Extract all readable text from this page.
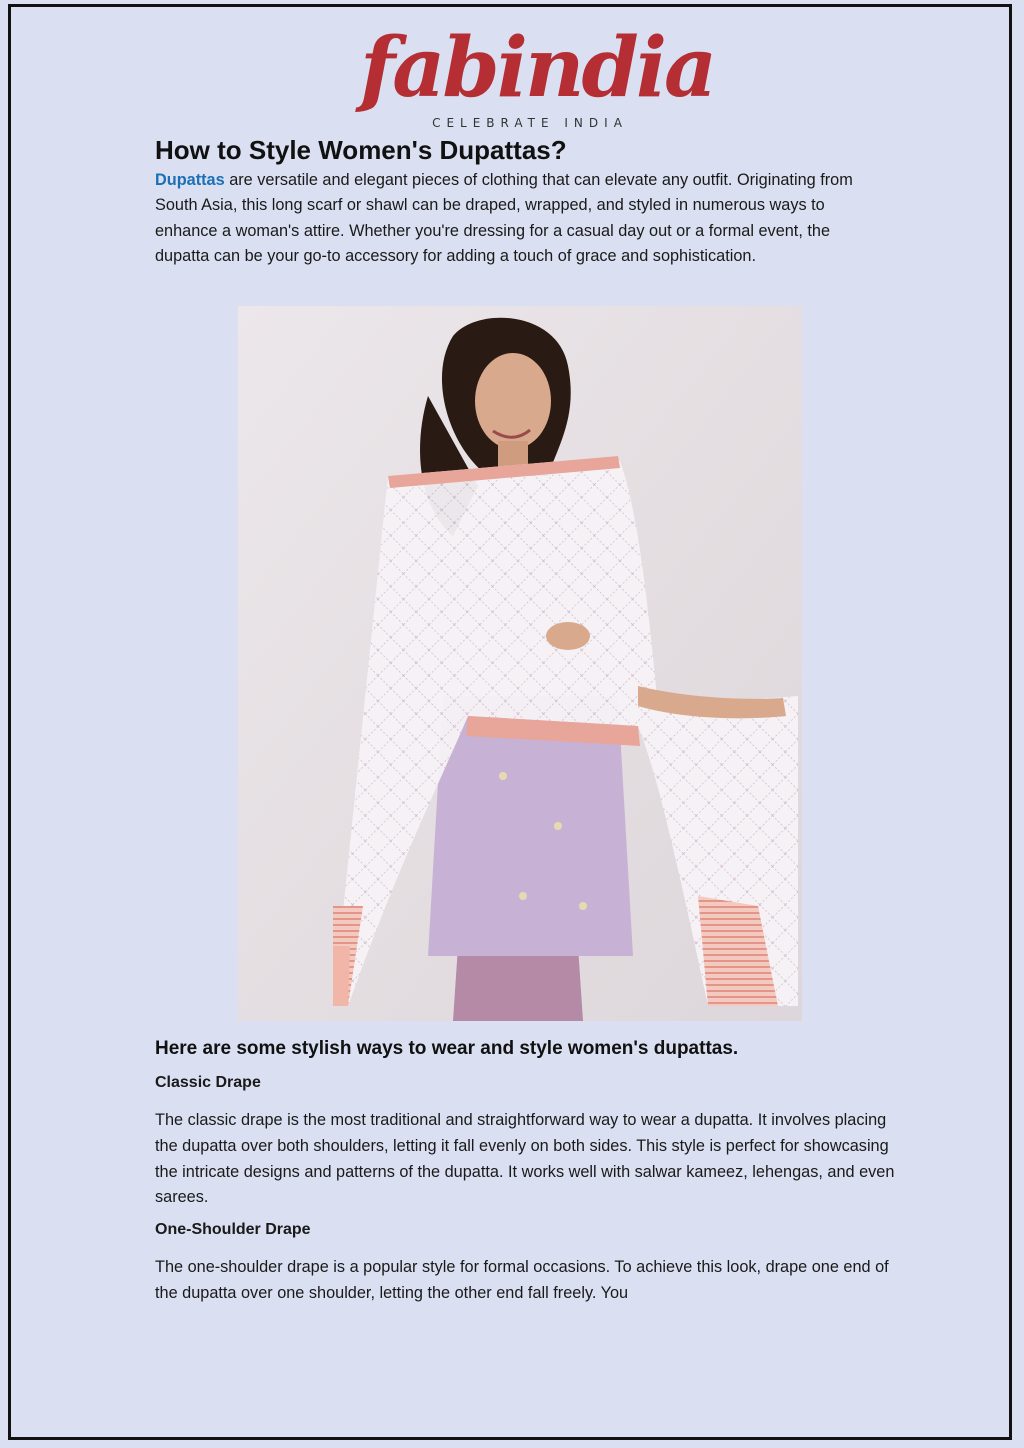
fabindia
CELEBRATE INDIA
How to Style Women's Dupattas?

Dupattas are versatile and elegant pieces of clothing that can elevate any outfit. Originating from South Asia, this long scarf or shawl can be draped, wrapped, and styled in numerous ways to enhance a woman's attire. Whether you're dressing for a casual day out or a formal event, the dupatta can be your go-to accessory for adding a touch of grace and sophistication.

Here are some stylish ways to wear and style women's dupattas.
Classic Drape

The classic drape is the most traditional and straightforward way to wear a dupatta. It involves placing the dupatta over both shoulders, letting it fall evenly on both sides. This style is perfect for showcasing the intricate designs and patterns of the dupatta. It works well with salwar kameez, lehengas, and even sarees.

One-Shoulder Drape

The one-shoulder drape is a popular style for formal occasions. To achieve this look, drape one end of the dupatta over one shoulder, letting the other end fall freely. You
